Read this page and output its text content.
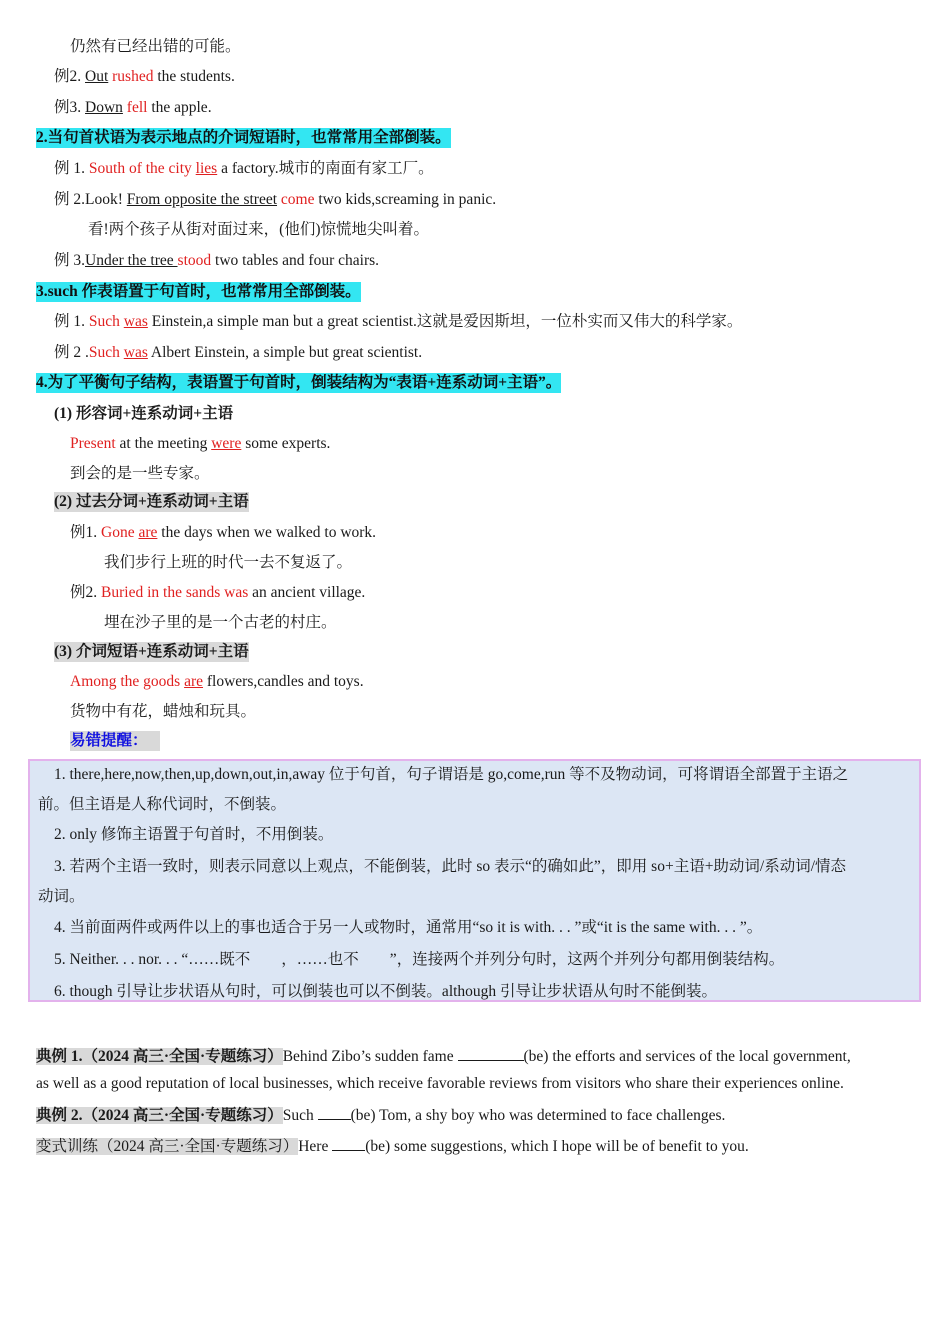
仍然有已经出错的可能。
例2. Out rushed the students.
例3. Down fell the apple.
2.当句首状语为表示地点的介词短语时，也常常用全部倒装。
例 1. South of the city lies a factory.城市的南面有家工厂。
例 2.Look! From opposite the street come two kids,screaming in panic.
看!两个孩子从街对面过来，(他们)惊慌地尖叫着。
例 3.Under the tree stood two tables and four chairs.
3.such 作表语置于句首时，也常常用全部倒装。
例 1. Such was Einstein,a simple man but a great scientist.这就是爱因斯坦，一位朴实而又伟大的科学家。
例 2 .Such was Albert Einstein, a simple but great scientist.
4.为了平衡句子结构，表语置于句首时，倒装结构为“表语+连系动词+主语”。
(1) 形容词+连系动词+主语
Present at the meeting were some experts.
到会的是一些专家。
(2) 过去分词+连系动词+主语
例1. Gone are the days when we walked to work.
我们步行上班的时代一去不复返了。
例2. Buried in the sands was an ancient village.
埋在沙子里的是一个古老的村庄。
(3) 介词短语+连系动词+主语
Among the goods are flowers,candles and toys.
货物中有花，蜡烛和玩具。
易错提醒：
1. there,here,now,then,up,down,out,in,away 位于句首，句子谓语是 go,come,run 等不及物动词，可将谓语全部置于主语之
前。但主语是人称代词时，不倒装。
2. only 修饰主语置于句首时，不用倒装。
3. 若两个主语一致时，则表示同意以上观点，不能倒装，此时 so 表示“的确如此”，即用 so+主语+助动词/系动词/情态
动词。
4. 当前面两件或两件以上的事也适合于另一人或物时，通常用“so it is with. . . ”或“it is the same with. . . ”。
5. Neither. . . nor. . . “……既不　　，……也不　　”，连接两个并列分句时，这两个并列分句都用倒装结构。
6. though 引导让步状语从句时，可以倒装也可以不倒装。although 引导让步状语从句时不能倒装。
典例 1.（2024 高三·全国·专题练习）Behind Zibo’s sudden fame	(be) the efforts and services of the local government,
as well as a good reputation of local businesses, which receive favorable reviews from visitors who share their experiences online.
典例 2.（2024 高三·全国·专题练习）Such (be) Tom, a shy boy who was determined to face challenges.
变式训练（2024 高三·全国·专题练习）Here (be) some suggestions, which I hope will be of benefit to you.
